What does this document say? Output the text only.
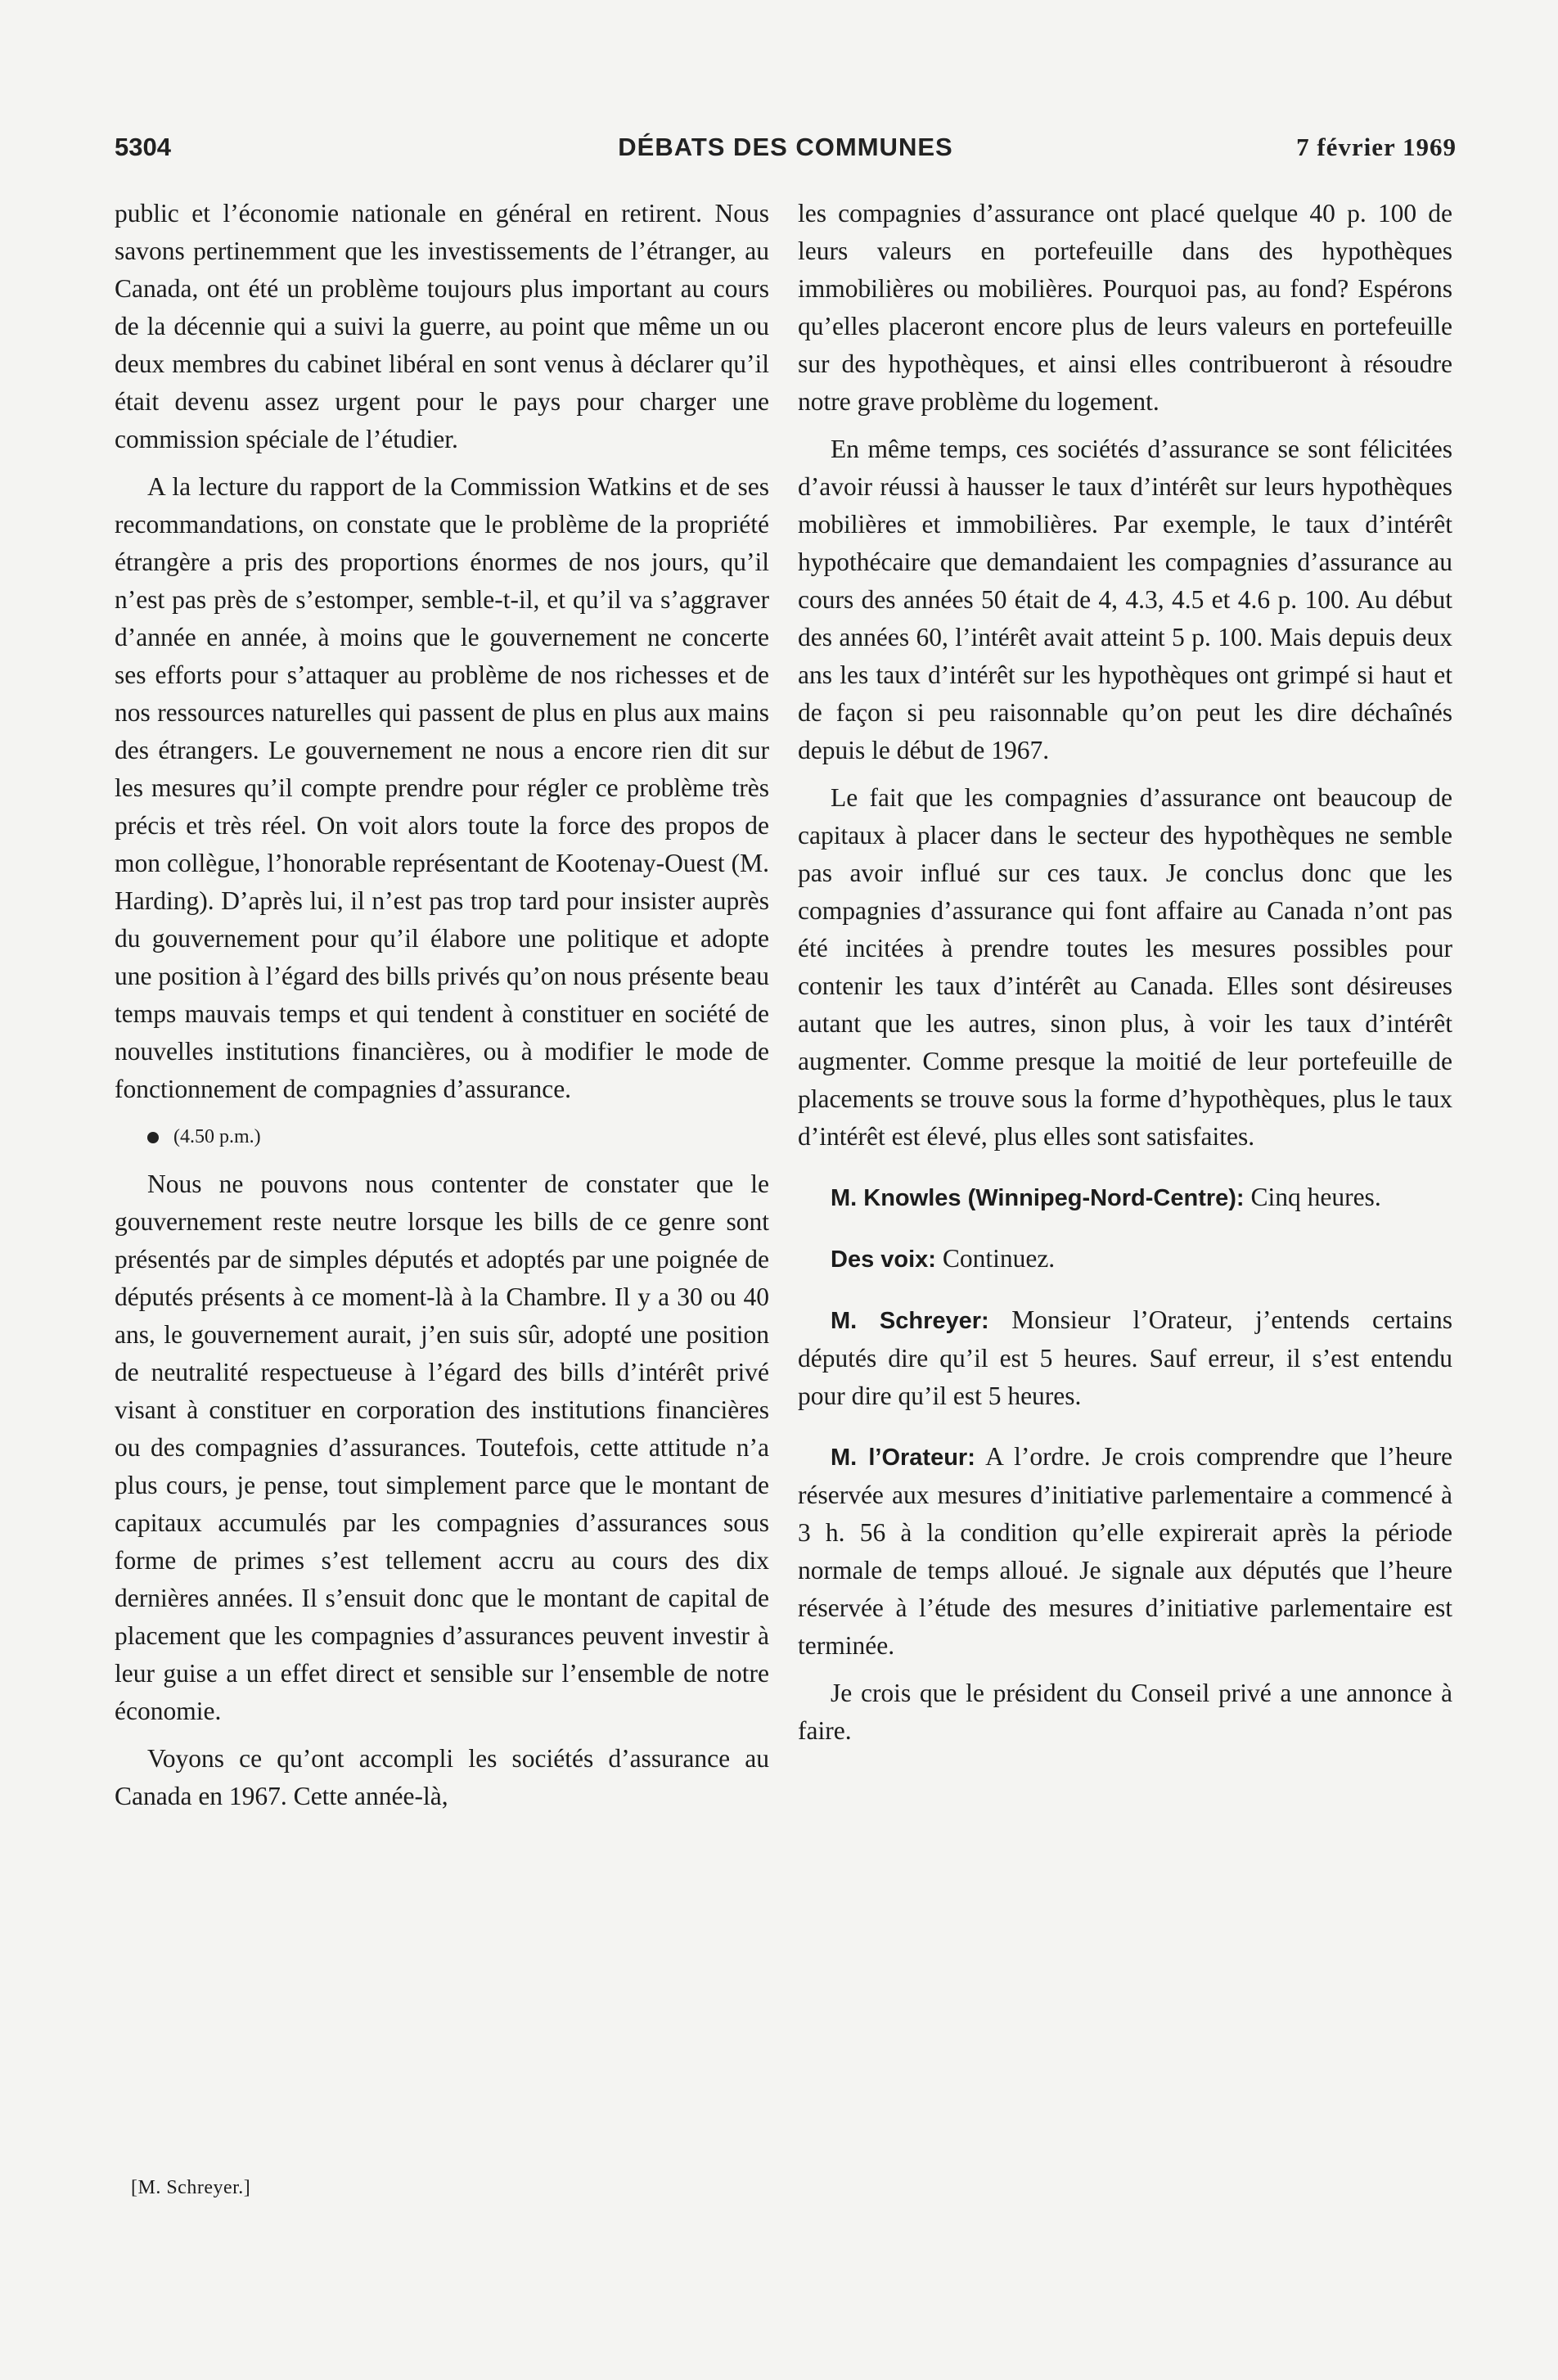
5304	DÉBATS DES COMMUNES	7 février 1969

public et l’économie nationale en général en retirent. Nous savons pertinemment que les investissements de l’étranger, au Canada, ont été un problème toujours plus important au cours de la décennie qui a suivi la guerre, au point que même un ou deux membres du cabinet libéral en sont venus à déclarer qu’il était devenu assez urgent pour le pays pour charger une commission spéciale de l’étudier.

A la lecture du rapport de la Commission Watkins et de ses recommandations, on constate que le problème de la propriété étrangère a pris des proportions énormes de nos jours, qu’il n’est pas près de s’estomper, semble-t-il, et qu’il va s’aggraver d’année en année, à moins que le gouvernement ne concerte ses efforts pour s’attaquer au problème de nos richesses et de nos ressources naturelles qui passent de plus en plus aux mains des étrangers. Le gouvernement ne nous a encore rien dit sur les mesures qu’il compte prendre pour régler ce problème très précis et très réel. On voit alors toute la force des propos de mon collègue, l’honorable représentant de Kootenay-Ouest (M. Harding). D’après lui, il n’est pas trop tard pour insister auprès du gouvernement pour qu’il élabore une politique et adopte une position à l’égard des bills privés qu’on nous présente beau temps mauvais temps et qui tendent à constituer en société de nouvelles institutions financières, ou à modifier le mode de fonctionnement de compagnies d’assurance.

(4.50 p.m.)

Nous ne pouvons nous contenter de constater que le gouvernement reste neutre lorsque les bills de ce genre sont présentés par de simples députés et adoptés par une poignée de députés présents à ce moment-là à la Chambre. Il y a 30 ou 40 ans, le gouvernement aurait, j’en suis sûr, adopté une position de neutralité respectueuse à l’égard des bills d’intérêt privé visant à constituer en corporation des institutions financières ou des compagnies d’assurances. Toutefois, cette attitude n’a plus cours, je pense, tout simplement parce que le montant de capitaux accumulés par les compagnies d’assurances sous forme de primes s’est tellement accru au cours des dix dernières années. Il s’ensuit donc que le montant de capital de placement que les compagnies d’assurances peuvent investir à leur guise a un effet direct et sensible sur l’ensemble de notre économie.

Voyons ce qu’ont accompli les sociétés d’assurance au Canada en 1967. Cette année-là,

les compagnies d’assurance ont placé quelque 40 p. 100 de leurs valeurs en portefeuille dans des hypothèques immobilières ou mobilières. Pourquoi pas, au fond? Espérons qu’elles placeront encore plus de leurs valeurs en portefeuille sur des hypothèques, et ainsi elles contribueront à résoudre notre grave problème du logement.

En même temps, ces sociétés d’assurance se sont félicitées d’avoir réussi à hausser le taux d’intérêt sur leurs hypothèques mobilières et immobilières. Par exemple, le taux d’intérêt hypothécaire que demandaient les compagnies d’assurance au cours des années 50 était de 4, 4.3, 4.5 et 4.6 p. 100. Au début des années 60, l’intérêt avait atteint 5 p. 100. Mais depuis deux ans les taux d’intérêt sur les hypothèques ont grimpé si haut et de façon si peu raisonnable qu’on peut les dire déchaînés depuis le début de 1967.

Le fait que les compagnies d’assurance ont beaucoup de capitaux à placer dans le secteur des hypothèques ne semble pas avoir influé sur ces taux. Je conclus donc que les compagnies d’assurance qui font affaire au Canada n’ont pas été incitées à prendre toutes les mesures possibles pour contenir les taux d’intérêt au Canada. Elles sont désireuses autant que les autres, sinon plus, à voir les taux d’intérêt augmenter. Comme presque la moitié de leur portefeuille de placements se trouve sous la forme d’hypothèques, plus le taux d’intérêt est élevé, plus elles sont satisfaites.

M. Knowles (Winnipeg-Nord-Centre): Cinq heures.

Des voix: Continuez.

M. Schreyer: Monsieur l’Orateur, j’entends certains députés dire qu’il est 5 heures. Sauf erreur, il s’est entendu pour dire qu’il est 5 heures.

M. l’Orateur: A l’ordre. Je crois comprendre que l’heure réservée aux mesures d’initiative parlementaire a commencé à 3 h. 56 à la condition qu’elle expirerait après la période normale de temps alloué. Je signale aux députés que l’heure réservée à l’étude des mesures d’initiative parlementaire est terminée.

Je crois que le président du Conseil privé a une annonce à faire.

[M. Schreyer.]
